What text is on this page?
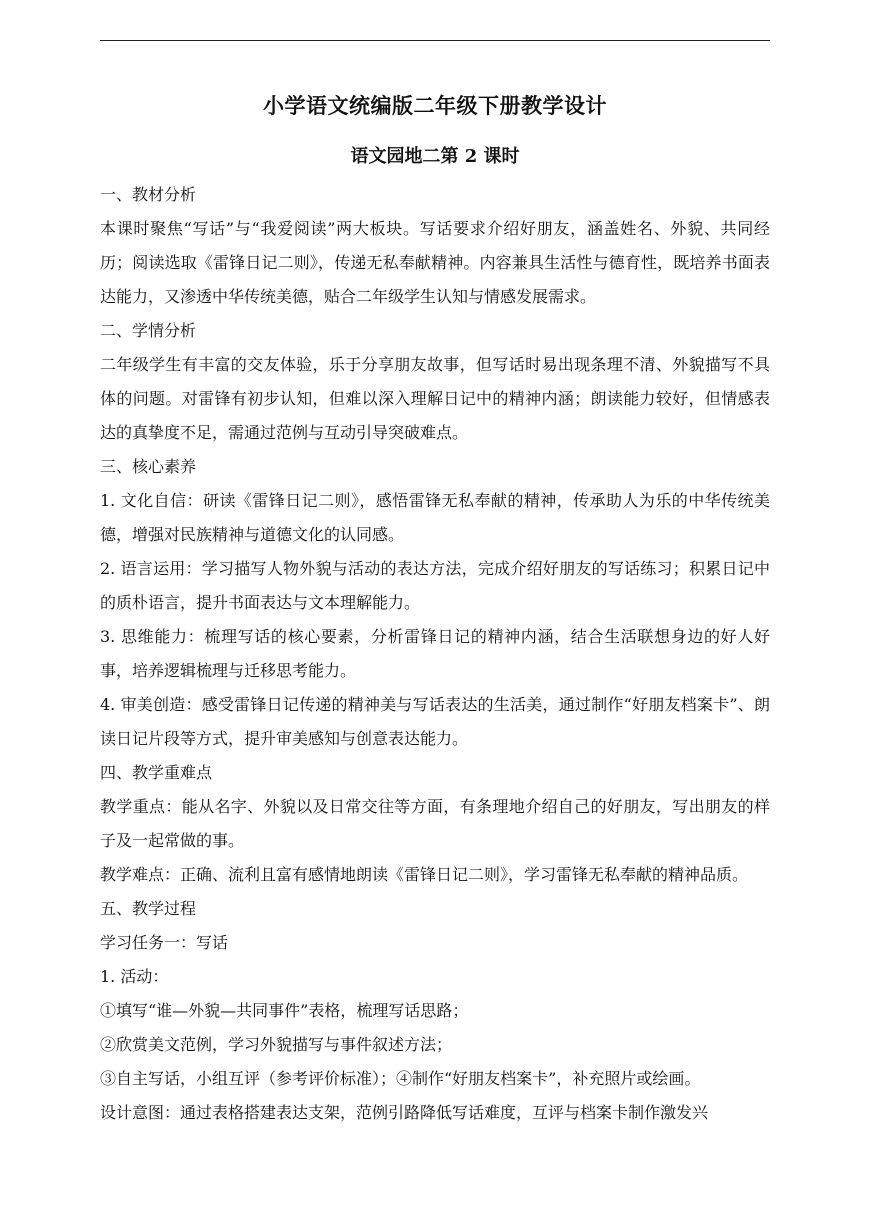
小学语文统编版二年级下册教学设计
语文园地二第 2 课时

一、教材分析

本课时聚焦“写话”与“我爱阅读”两大板块。写话要求介绍好朋友，涵盖姓名、外貌、共同经历；阅读选取《雷锋日记二则》，传递无私奉献精神。内容兼具生活性与德育性，既培养书面表达能力，又渗透中华传统美德，贴合二年级学生认知与情感发展需求。

二、学情分析

二年级学生有丰富的交友体验，乐于分享朋友故事，但写话时易出现条理不清、外貌描写不具体的问题。对雷锋有初步认知，但难以深入理解日记中的精神内涵；朗读能力较好，但情感表达的真挚度不足，需通过范例与互动引导突破难点。

三、核心素养

1. 文化自信：研读《雷锋日记二则》，感悟雷锋无私奉献的精神，传承助人为乐的中华传统美德，增强对民族精神与道德文化的认同感。

2. 语言运用：学习描写人物外貌与活动的表达方法，完成介绍好朋友的写话练习；积累日记中的质朴语言，提升书面表达与文本理解能力。

3. 思维能力：梳理写话的核心要素，分析雷锋日记的精神内涵，结合生活联想身边的好人好事，培养逻辑梳理与迁移思考能力。

4. 审美创造：感受雷锋日记传递的精神美与写话表达的生活美，通过制作“好朋友档案卡”、朗读日记片段等方式，提升审美感知与创意表达能力。

四、教学重难点

教学重点：能从名字、外貌以及日常交往等方面，有条理地介绍自己的好朋友，写出朋友的样子及一起常做的事。

教学难点：正确、流利且富有感情地朗读《雷锋日记二则》，学习雷锋无私奉献的精神品质。

五、教学过程

学习任务一：写话

1. 活动：

①填写“谁—外貌—共同事件”表格，梳理写话思路；

②欣赏美文范例，学习外貌描写与事件叙述方法；

③自主写话，小组互评（参考评价标准）；④制作“好朋友档案卡”，补充照片或绘画。

设计意图：通过表格搭建表达支架，范例引路降低写话难度，互评与档案卡制作激发兴
